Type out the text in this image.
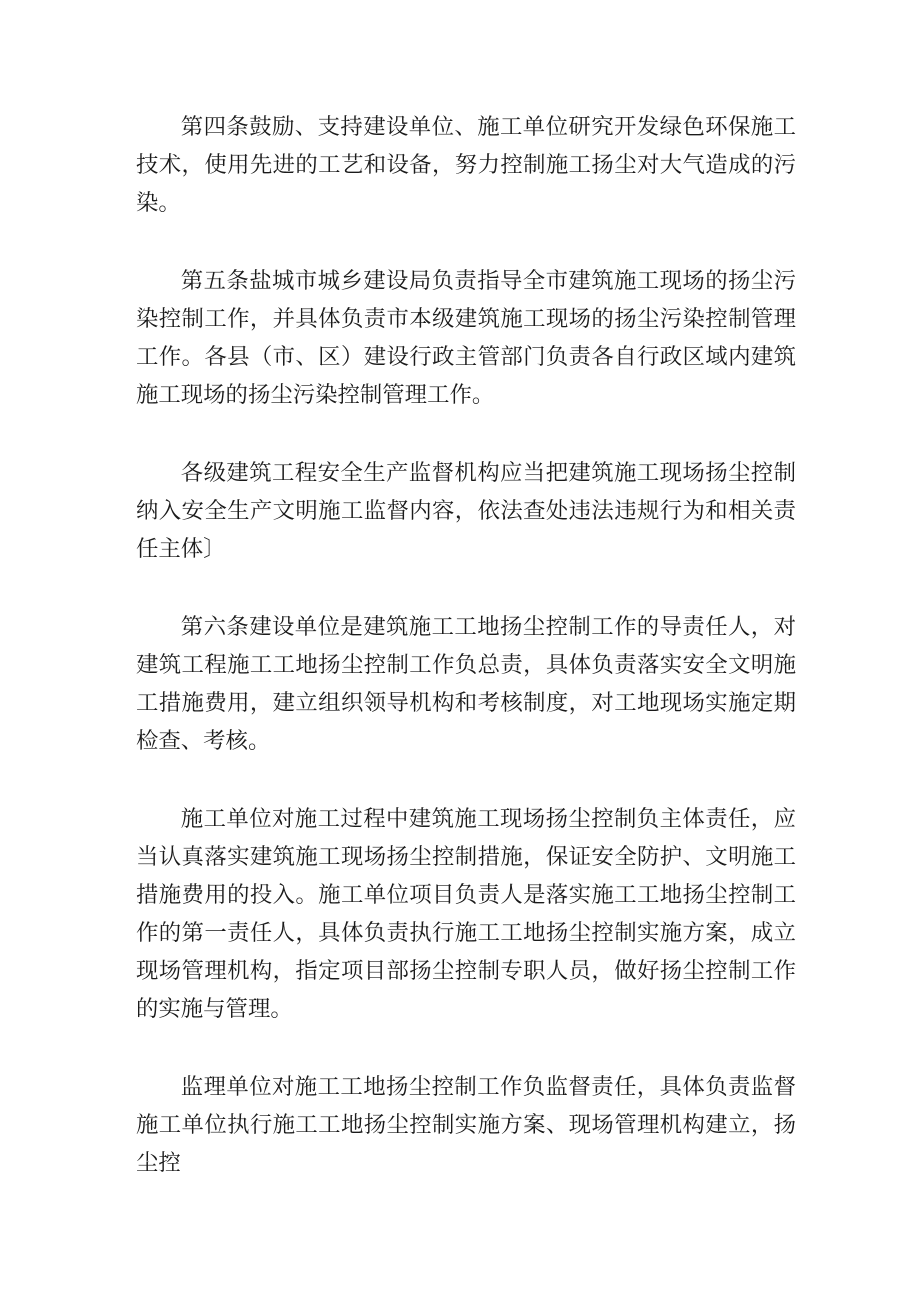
第四条鼓励、支持建设单位、施工单位研究开发绿色环保施工技术，使用先进的工艺和设备，努力控制施工扬尘对大气造成的污染。

第五条盐城市城乡建设局负责指导全市建筑施工现场的扬尘污染控制工作，并具体负责市本级建筑施工现场的扬尘污染控制管理工作。各县（市、区）建设行政主管部门负责各自行政区域内建筑施工现场的扬尘污染控制管理工作。

各级建筑工程安全生产监督机构应当把建筑施工现场扬尘控制纳入安全生产文明施工监督内容，依法查处违法违规行为和相关责任主体〕

第六条建设单位是建筑施工工地扬尘控制工作的导责任人，对建筑工程施工工地扬尘控制工作负总责，具体负责落实安全文明施工措施费用，建立组织领导机构和考核制度，对工地现场实施定期检查、考核。

施工单位对施工过程中建筑施工现场扬尘控制负主体责任，应当认真落实建筑施工现场扬尘控制措施，保证安全防护、文明施工措施费用的投入。施工单位项目负责人是落实施工工地扬尘控制工作的第一责任人，具体负责执行施工工地扬尘控制实施方案，成立现场管理机构，指定项目部扬尘控制专职人员，做好扬尘控制工作的实施与管理。

监理单位对施工工地扬尘控制工作负监督责任，具体负责监督施工单位执行施工工地扬尘控制实施方案、现场管理机构建立，扬尘控
